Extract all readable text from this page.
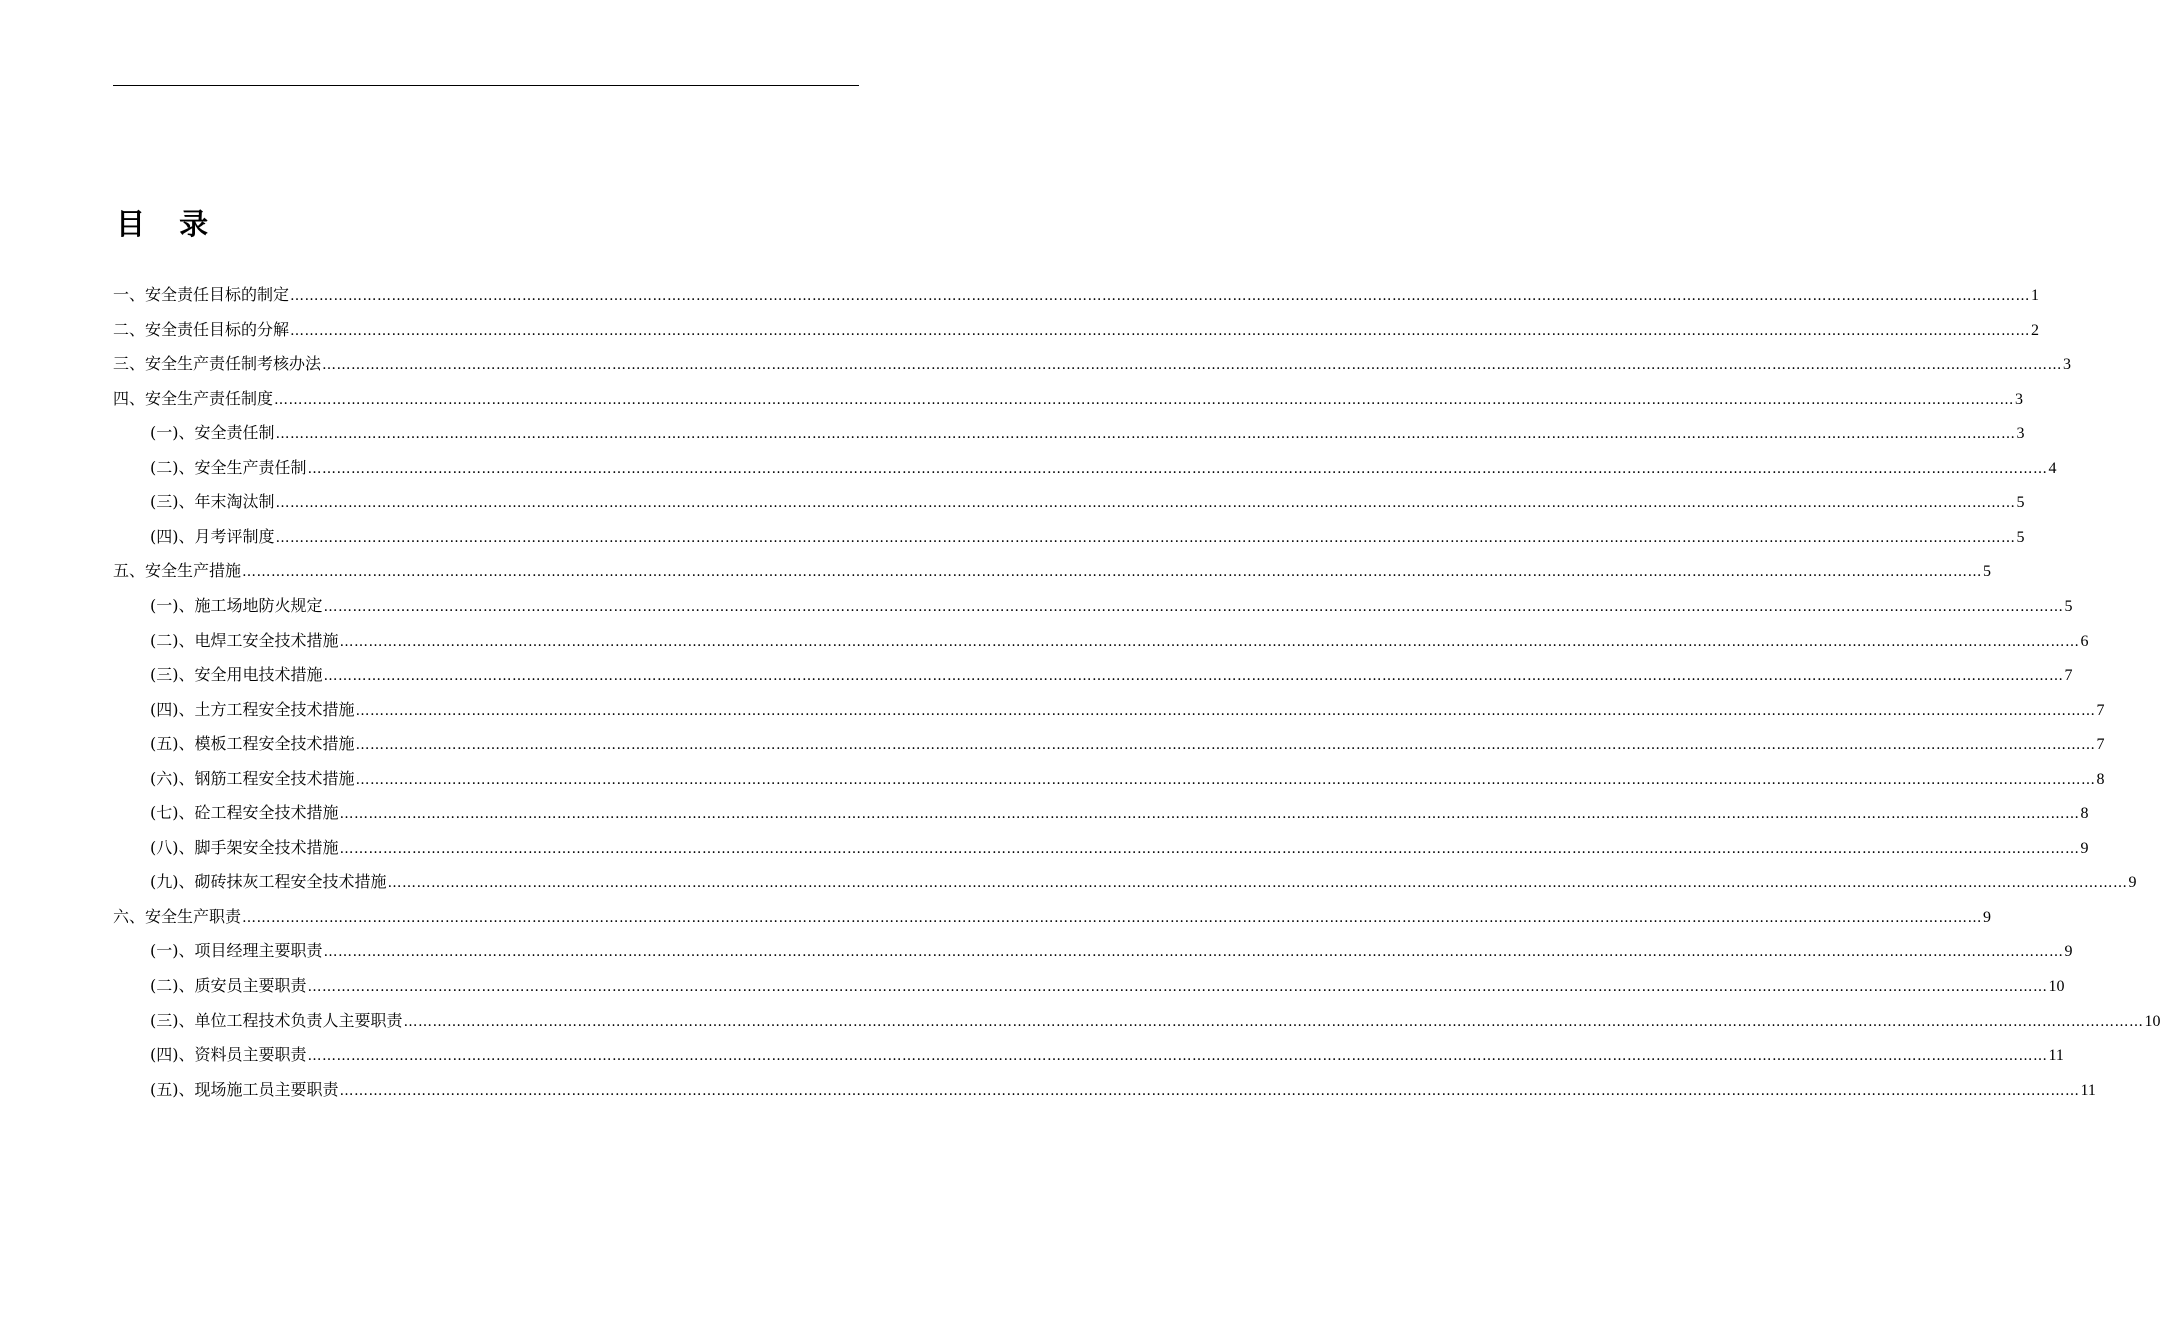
目 录
一、安全责任目标的制定 ……………………………………………………………………………………………………………………………………………………………………………………………………………………………………………………………………………………………………………………………… 1
二、安全责任目标的分解 ……………………………………………………………………………………………………………………………………………………………………………………………………………………………………………………………………………………………………………………………… 2
三、安全生产责任制考核办法 ……………………………………………………………………………………………………………………………………………………………………………………………………………………………………………………………………………………………………………………………… 3
四、安全生产责任制度 ……………………………………………………………………………………………………………………………………………………………………………………………………………………………………………………………………………………………………………………………… 3
(一)、安全责任制 ……………………………………………………………………………………………………………………………………………………………………………………………………………………………………………………………………………………………………………………………… 3
(二)、安全生产责任制 ……………………………………………………………………………………………………………………………………………………………………………………………………………………………………………………………………………………………………………………………… 4
(三)、年末淘汰制 ……………………………………………………………………………………………………………………………………………………………………………………………………………………………………………………………………………………………………………………………… 5
(四)、月考评制度 ……………………………………………………………………………………………………………………………………………………………………………………………………………………………………………………………………………………………………………………………… 5
五、安全生产措施 ……………………………………………………………………………………………………………………………………………………………………………………………………………………………………………………………………………………………………………………………… 5
(一)、施工场地防火规定 ……………………………………………………………………………………………………………………………………………………………………………………………………………………………………………………………………………………………………………………………… 5
(二)、电焊工安全技术措施 ……………………………………………………………………………………………………………………………………………………………………………………………………………………………………………………………………………………………………………………………… 6
(三)、安全用电技术措施 ……………………………………………………………………………………………………………………………………………………………………………………………………………………………………………………………………………………………………………………………… 7
(四)、土方工程安全技术措施 ……………………………………………………………………………………………………………………………………………………………………………………………………………………………………………………………………………………………………………………………… 7
(五)、模板工程安全技术措施 ……………………………………………………………………………………………………………………………………………………………………………………………………………………………………………………………………………………………………………………………… 7
(六)、钢筋工程安全技术措施 ……………………………………………………………………………………………………………………………………………………………………………………………………………………………………………………………………………………………………………………………… 8
(七)、砼工程安全技术措施 ……………………………………………………………………………………………………………………………………………………………………………………………………………………………………………………………………………………………………………………………… 8
(八)、脚手架安全技术措施 ……………………………………………………………………………………………………………………………………………………………………………………………………………………………………………………………………………………………………………………………… 9
(九)、砌砖抹灰工程安全技术措施 ……………………………………………………………………………………………………………………………………………………………………………………………………………………………………………………………………………………………………………………………… 9
六、安全生产职责 ……………………………………………………………………………………………………………………………………………………………………………………………………………………………………………………………………………………………………………………………… 9
(一)、项目经理主要职责 ……………………………………………………………………………………………………………………………………………………………………………………………………………………………………………………………………………………………………………………………… 9
(二)、质安员主要职责 ……………………………………………………………………………………………………………………………………………………………………………………………………………………………………………………………………………………………………………………………… 10
(三)、单位工程技术负责人主要职责 ……………………………………………………………………………………………………………………………………………………………………………………………………………………………………………………………………………………………………………………………… 10
(四)、资料员主要职责 ……………………………………………………………………………………………………………………………………………………………………………………………………………………………………………………………………………………………………………………………… 11
(五)、现场施工员主要职责 ……………………………………………………………………………………………………………………………………………………………………………………………………………………………………………………………………………………………………………………………… 11
